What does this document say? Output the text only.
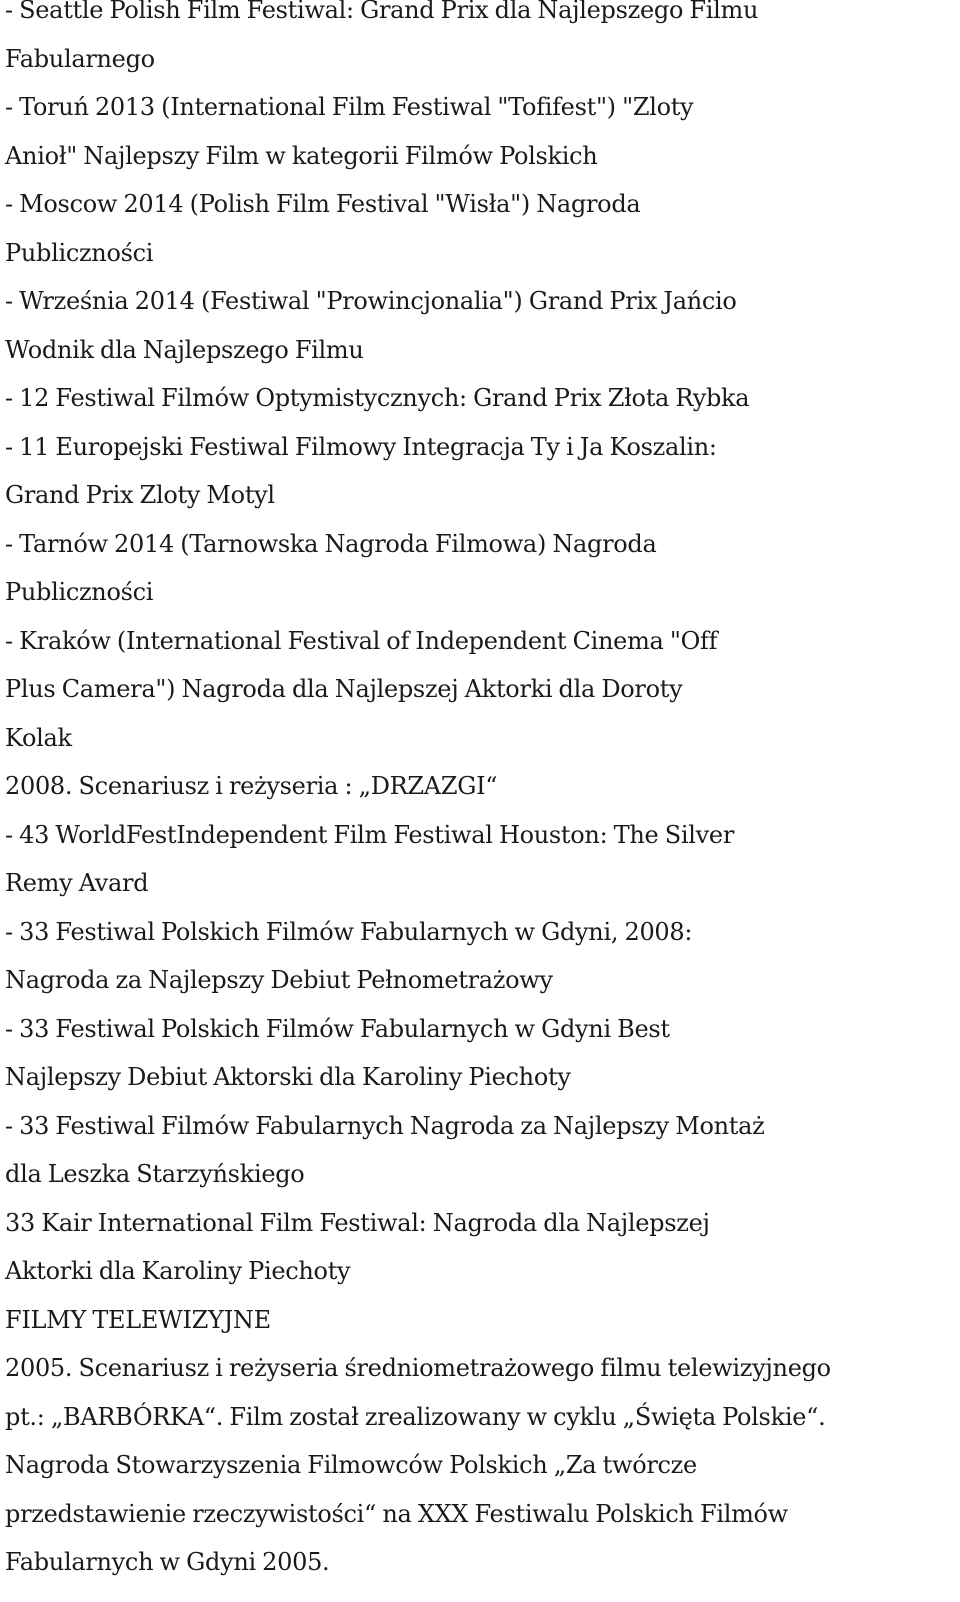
- Seattle Polish Film Festiwal: Grand Prix dla Najlepszego Filmu
Fabularnego
- Toruń 2013 (International Film Festiwal "Tofifest") "Zloty
Anioł" Najlepszy Film w kategorii Filmów Polskich
- Moscow 2014 (Polish Film Festival "Wisła") Nagroda
Publiczności
- Września 2014 (Festiwal "Prowincjonalia") Grand Prix Jańcio
Wodnik dla Najlepszego Filmu
- 12 Festiwal Filmów Optymistycznych: Grand Prix Złota Rybka
- 11 Europejski Festiwal Filmowy Integracja Ty i Ja Koszalin:
Grand Prix Zloty Motyl
- Tarnów 2014 (Tarnowska Nagroda Filmowa) Nagroda
Publiczności
- Kraków (International Festival of Independent Cinema "Off
Plus Camera") Nagroda dla Najlepszej Aktorki dla Doroty
Kolak
2008. Scenariusz i reżyseria : „DRZAZGI“
- 43 WorldFestIndependent Film Festiwal Houston: The Silver
Remy Avard
- 33 Festiwal Polskich Filmów Fabularnych w Gdyni, 2008:
Nagroda za Najlepszy Debiut Pełnometrażowy
- 33 Festiwal Polskich Filmów Fabularnych w Gdyni Best
Najlepszy Debiut Aktorski dla Karoliny Piechoty
- 33 Festiwal Filmów Fabularnych Nagroda za Najlepszy Montaż
dla Leszka Starzyńskiego
33 Kair International Film Festiwal: Nagroda dla Najlepszej
Aktorki dla Karoliny Piechoty
FILMY TELEWIZYJNE
2005. Scenariusz i reżyseria średniometrażowego filmu telewizyjnego
pt.: „BARBÓRKA“. Film został zrealizowany w cyklu „Święta Polskie“.
Nagroda Stowarzyszenia Filmowców Polskich „Za twórcze
przedstawienie rzeczywistości“ na XXX Festiwalu Polskich Filmów
Fabularnych w Gdyni 2005.
